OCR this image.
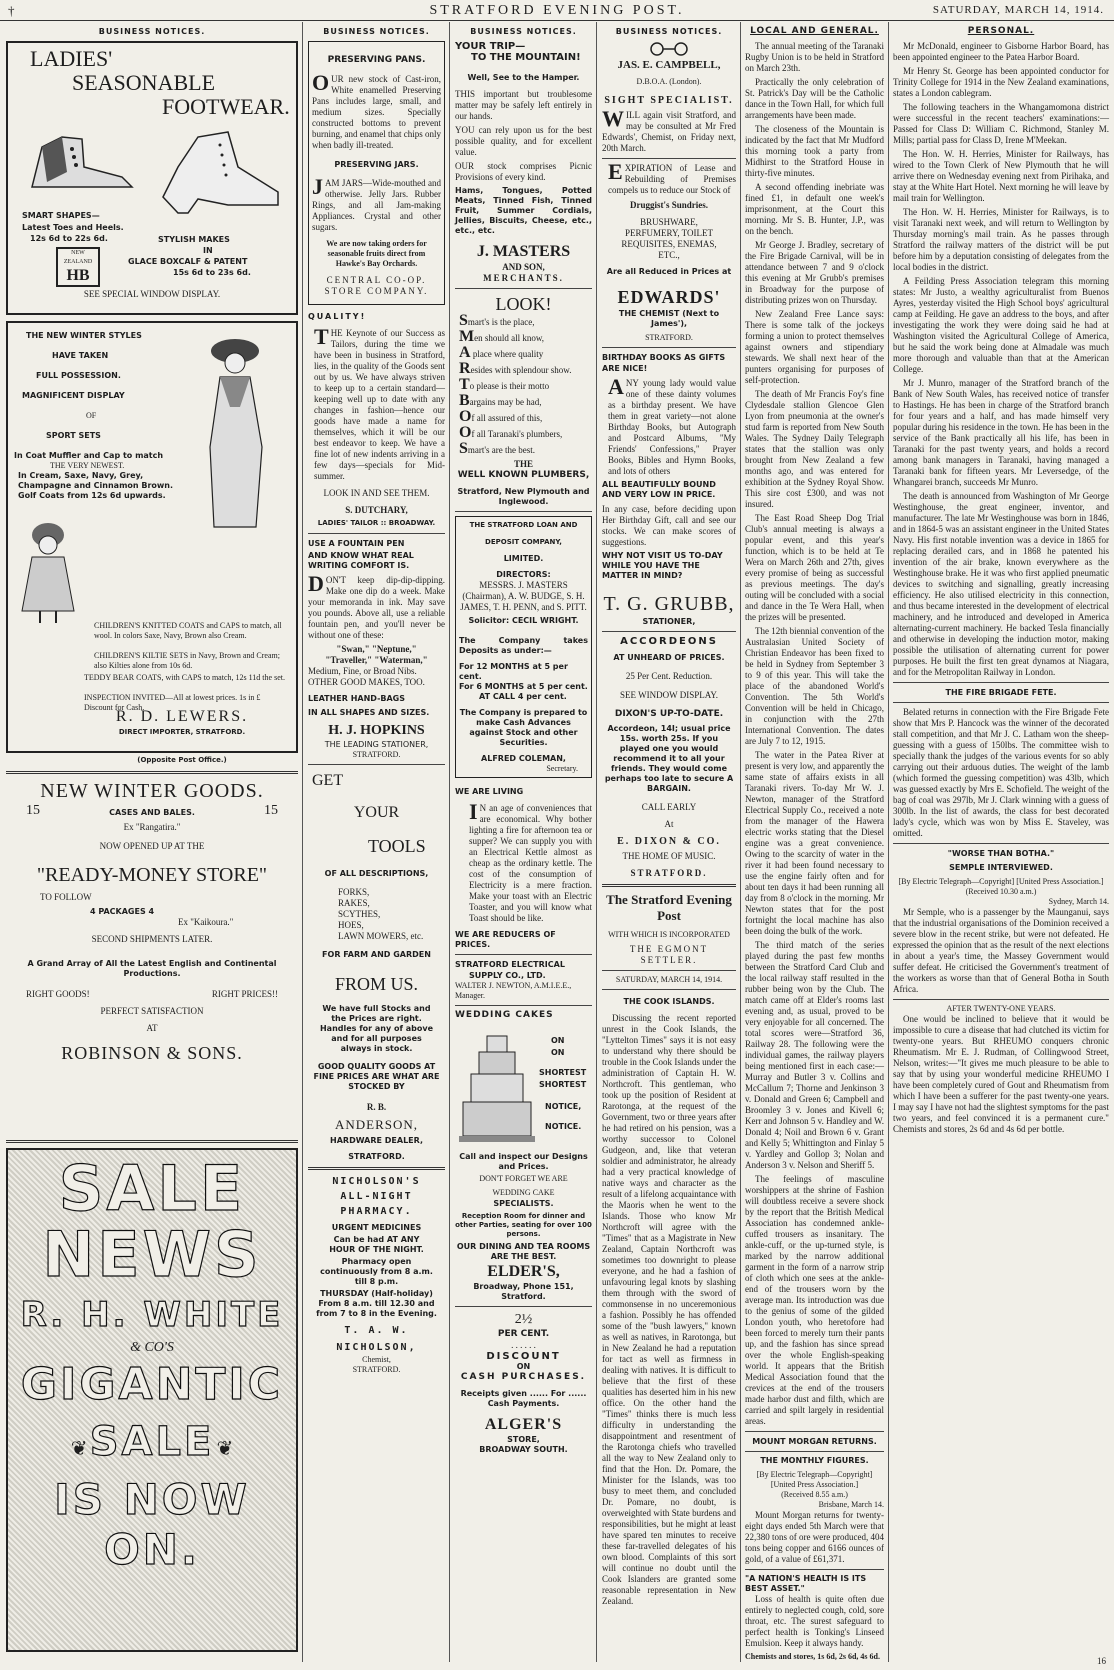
†	STRATFORD EVENING POST.	SATURDAY, MARCH 14, 1914.
BUSINESS NOTICES.
LADIES'
SEASONABLE
FOOTWEAR.
SMART SHAPES—
Latest Toes and Heels.
12s 6d to 22s 6d.
NEW ZEALAND
HB
STYLISH MAKES
IN
GLACE BOXCALF & PATENT
15s 6d to 23s 6d.
SEE SPECIAL WINDOW DISPLAY.
THE NEW WINTER STYLES
HAVE TAKEN
FULL POSSESSION.
MAGNIFICENT DISPLAY
OF
SPORT SETS
In Coat Muffler and Cap to match
THE VERY NEWEST.
In Cream, Saxe, Navy, Grey,
Champagne and Cinnamon Brown.
Golf Coats from 12s 6d upwards.
CHILDREN'S KNITTED COATS and CAPS to match, all wool. In colors Saxe, Navy, Brown also Cream.
CHILDREN'S KILTIE SETS in Navy, Brown and Cream; also Kilties alone from 10s 6d.
TEDDY BEAR COATS, with CAPS to match, 12s 11d the set.
INSPECTION INVITED—All at lowest prices. 1s in £ Discount for Cash.
R. D. LEWERS.
DIRECT IMPORTER, STRATFORD.
(Opposite Post Office.)
NEW WINTER GOODS.
15	CASES AND BALES.	15
Ex "Rangatira."
NOW OPENED UP AT THE
"READY-MONEY STORE"
TO FOLLOW
4 PACKAGES 4
Ex "Kaikoura."
SECOND SHIPMENTS LATER.
A Grand Array of All the Latest English and Continental Productions.
RIGHT GOODS!	RIGHT PRICES!!
PERFECT SATISFACTION
AT
ROBINSON & SONS.
SALE
NEWS
R. H. WHITE
& CO'S
GIGANTIC
❦ SALE ❦
IS NOW ON.
BUSINESS NOTICES.
PRESERVING PANS.

OUR new stock of Cast-iron, White enamelled Preserving Pans includes large, small, and medium sizes. Specially constructed bottoms to prevent burning, and enamel that chips only when badly ill-treated.

PRESERVING JARS.

JAM JARS—Wide-mouthed and otherwise. Jelly Jars. Rubber Rings, and all Jam-making Appliances. Crystal and other sugars.

We are now taking orders for seasonable fruits direct from Hawke's Bay Orchards.

CENTRAL CO-OP. STORE COMPANY.
QUALITY!

THE Keynote of our Success as Tailors, during the time we have been in business in Stratford, lies, in the quality of the Goods sent out by us. We have always striven to keep up to a certain standard—keeping well up to date with any changes in fashion—hence our goods have made a name for themselves, which it will be our best endeavor to keep. We have a fine lot of new indents arriving in a few days—specials for Mid-summer.

LOOK IN AND SEE THEM.
S. DUTCHARY,
LADIES' TAILOR :: BROADWAY.
USE A FOUNTAIN PEN
AND KNOW WHAT REAL WRITING COMFORT IS.

DON'T keep dip-dip-dipping. Make one dip do a week. Make your memoranda in ink. May save you pounds. Above all, use a reliable fountain pen, and you'll never be without one of these:

"Swan," "Neptune,"
"Traveller," "Waterman,"
Medium, Fine, or Broad Nibs.
OTHER GOOD MAKES, TOO.
LEATHER HAND-BAGS
IN ALL SHAPES AND SIZES.
H. J. HOPKINS
THE LEADING STATIONER,
STRATFORD.
GET
YOUR
TOOLS
OF ALL DESCRIPTIONS,
FORKS,
RAKES,
SCYTHES,
HOES,
LAWN MOWERS, etc.
FOR FARM AND GARDEN
FROM US.

We have full Stocks and the Prices are right. Handles for any of above and for all purposes always in stock.

GOOD QUALITY GOODS AT FINE PRICES ARE WHAT ARE STOCKED BY

R. B.
ANDERSON,
HARDWARE DEALER,
STRATFORD.
NICHOLSON'S
ALL-NIGHT
PHARMACY.
URGENT MEDICINES
Can be had AT ANY HOUR OF THE NIGHT.
Pharmacy open continuously from 8 a.m. till 8 p.m.
THURSDAY (Half-holiday) From 8 a.m. till 12.30 and from 7 to 8 in the Evening.
T. A. W.
NICHOLSON,
Chemist,
STRATFORD.
BUSINESS NOTICES.
YOUR TRIP—
TO THE MOUNTAIN!
Well, See to the Hamper.

THIS important but troublesome matter may be safely left entirely in our hands.

YOU can rely upon us for the best possible quality, and for excellent value.

OUR stock comprises Picnic Provisions of every kind.

Hams, Tongues, Potted Meats, Tinned Fish, Tinned Fruit, Summer Cordials, Jellies, Biscuits, Cheese, etc., etc., etc.

J. MASTERS
AND SON,
MERCHANTS.
LOOK!
Smart's is the place,
Men should all know,
A place where quality
Resides with splendour show.
To please is their motto
Bargains may be had,
Of all assured of this,
Of all Taranaki's plumbers,
Smart's are the best.
THE
WELL KNOWN PLUMBERS,
Stratford, New Plymouth and Inglewood.
THE STRATFORD LOAN AND
DEPOSIT COMPANY,
LIMITED.
DIRECTORS:

MESSRS. J. MASTERS (Chairman), A. W. BUDGE, S. H. JAMES, T. H. PENN, and S. PITT.

Solicitor: CECIL WRIGHT.

The Company takes Deposits as under:—

For 12 MONTHS at 5 per cent.
For 6 MONTHS at 5 per cent.
AT CALL 4 per cent.

The Company is prepared to make Cash Advances against Stock and other Securities.

ALFRED COLEMAN,
Secretary.
WE ARE LIVING

IN an age of conveniences that are economical. Why bother lighting a fire for afternoon tea or supper? We can supply you with an Electrical Kettle almost as cheap as the ordinary kettle. The cost of the consumption of Electricity is a mere fraction. Make your toast with an Electric Toaster, and you will know what Toast should be like.

WE ARE REDUCERS OF PRICES.
STRATFORD ELECTRICAL
SUPPLY CO., LTD.
WALTER J. NEWTON, A.M.I.E.E., Manager.
WEDDING CAKES
ON
ON
SHORTEST
SHORTEST
NOTICE,
NOTICE.
Call and inspect our Designs and Prices.
DON'T FORGET WE ARE
WEDDING CAKE
SPECIALISTS.
Reception Room for dinner and other Parties, seating for over 100 persons.
OUR DINING AND TEA ROOMS ARE THE BEST.
ELDER'S,
Broadway, Phone 151, Stratford.
2½
PER CENT.
. . . . . .
DISCOUNT
ON
CASH PURCHASES.
Receipts given ...... For ...... Cash Payments.
ALGER'S
STORE,
BROADWAY SOUTH.
BUSINESS NOTICES.
JAS. E. CAMPBELL,
D.B.O.A. (London).
SIGHT SPECIALIST.

WILL again visit Stratford, and may be consulted at Mr Fred Edwards', Chemist, on Friday next, 20th March.

EXPIRATION of Lease and Rebuilding of Premises compels us to reduce our Stock of

Druggist's Sundries.

BRUSHWARE, PERFUMERY, TOILET REQUISITES, ENEMAS, ETC.,

Are all Reduced in Prices at
EDWARDS'
THE CHEMIST (Next to James'),
STRATFORD.
BIRTHDAY BOOKS AS GIFTS ARE NICE!

ANY young lady would value one of these dainty volumes as a birthday present. We have them in great variety—not alone Birthday Books, but Autograph and Postcard Albums, "My Friends' Confessions," Prayer Books, Bibles and Hymn Books, and lots of others

ALL BEAUTIFULLY BOUND AND VERY LOW IN PRICE.

In any case, before deciding upon Her Birthday Gift, call and see our stocks. We can make scores of suggestions.

WHY NOT VISIT US TO-DAY WHILE YOU HAVE THE MATTER IN MIND?
T. G. GRUBB,
STATIONER,
ACCORDEONS
AT UNHEARD OF PRICES.
25 Per Cent. Reduction.
SEE WINDOW DISPLAY.
DIXON'S UP-TO-DATE.

Accordeon, 14I; usual price 15s. worth 25s. If you played one you would recommend it to all your friends. They would come perhaps too late to secure A BARGAIN.

CALL EARLY
At
E. DIXON & CO.
THE HOME OF MUSIC.
STRATFORD.
The Stratford Evening Post
WITH WHICH IS INCORPORATED
THE EGMONT SETTLER.
SATURDAY, MARCH 14, 1914.
THE COOK ISLANDS.

Discussing the recent reported unrest in the Cook Islands, the "Lyttelton Times" says it is not easy to understand why there should be trouble in the Cook Islands under the administration of Captain H. W. Northcroft. This gentleman, who took up the position of Resident at Rarotonga, at the request of the Government, two or three years after he had retired on his pension, was a worthy successor to Colonel Gudgeon, and, like that veteran soldier and administrator, he already had a very practical knowledge of native ways and character as the result of a lifelong acquaintance with the Maoris when he went to the Islands. Those who know Mr Northcroft will agree with the "Times" that as a Magistrate in New Zealand, Captain Northcroft was sometimes too downright to please everyone, and he had a fashion of unfavouring legal knots by slashing them through with the sword of commonsense in no unceremonious a fashion. Possibly he has offended some of the "bush lawyers," known as well as natives, in Rarotonga, but in New Zealand he had a reputation for tact as well as firmness in dealing with natives. It is difficult to believe that the first of these qualities has deserted him in his new office. On the other hand the "Times" thinks there is much less difficulty in understanding the disappointment and resentment of the Rarotonga chiefs who travelled all the way to New Zealand only to find that the Hon. Dr. Pomare, the Minister for the Islands, was too busy to meet them, and concluded Dr. Pomare, no doubt, is overweighted with State burdens and responsibilities, but he might at least have spared ten minutes to receive these far-travelled delegates of his own blood. Complaints of this sort will continue no doubt until the Cook Islanders are granted some reasonable representation in New Zealand.

LOCAL AND GENERAL.

The annual meeting of the Taranaki Rugby Union is to be held in Stratford on March 23th.

Practically the only celebration of St. Patrick's Day will be the Catholic dance in the Town Hall, for which full arrangements have been made.

The closeness of the Mountain is indicated by the fact that Mr Mudford this morning took a party from Midhirst to the Stratford House in thirty-five minutes.

A second offending inebriate was fined £1, in default one week's imprisonment, at the Court this morning. Mr S. B. Hunter, J.P., was on the bench.

Mr George J. Bradley, secretary of the Fire Brigade Carnival, will be in attendance between 7 and 9 o'clock this evening at Mr Grubb's premises in Broadway for the purpose of distributing prizes won on Thursday.

New Zealand Free Lance says: There is some talk of the jockeys forming a union to protect themselves against owners and stipendiary stewards. We shall next hear of the punters organising for purposes of self-protection.

The death of Mr Francis Foy's fine Clydesdale stallion Glencoe Glen Lyon from pneumonia at the owner's stud farm is reported from New South Wales. The Sydney Daily Telegraph states that the stallion was only brought from New Zealand a few months ago, and was entered for exhibition at the Sydney Royal Show. This sire cost £300, and was not insured.

The East Road Sheep Dog Trial Club's annual meeting is always a popular event, and this year's function, which is to be held at Te Wera on March 26th and 27th, gives every promise of being as successful as previous meetings. The day's outing will be concluded with a social and dance in the Te Wera Hall, when the prizes will be presented.

The 12th biennial convention of the Australasian United Society of Christian Endeavor has been fixed to be held in Sydney from September 3 to 9 of this year. This will take the place of the abandoned World's Convention. The 5th World's Convention will be held in Chicago, in conjunction with the 27th International Convention. The dates are July 7 to 12, 1915.

The water in the Patea River at present is very low, and apparently the same state of affairs exists in all Taranaki rivers. To-day Mr W. J. Newton, manager of the Stratford Electrical Supply Co., received a note from the manager of the Hawera electric works stating that the Diesel engine was a great convenience. Owing to the scarcity of water in the river it had been found necessary to use the engine fairly often and for about ten days it had been running all day from 8 o'clock in the morning. Mr Newton states that for the post fortnight the local machine has also been doing the bulk of the work.

The third match of the series played during the past few months between the Stratford Card Club and the local railway staff resulted in the rubber being won by the Club. The match came off at Elder's rooms last evening and, as usual, proved to be very enjoyable for all concerned. The total scores were—Stratford 36, Railway 28. The following were the individual games, the railway players being mentioned first in each case:—Murray and Butler 3 v. Collins and McCallum 7; Thorne and Jenkinson 3 v. Donald and Green 6; Campbell and Broomley 3 v. Jones and Kivell 6; Kerr and Johnson 5 v. Handley and W. Donald 4; Noil and Brown 6 v. Grant and Kelly 5; Whittington and Finlay 5 v. Yardley and Gollop 3; Nolan and Anderson 3 v. Nelson and Sheriff 5.

The feelings of masculine worshippers at the shrine of Fashion will doubtless receive a severe shock by the report that the British Medical Association has condemned ankle-cuffed trousers as insanitary. The ankle-cuff, or the up-turned style, is marked by the narrow additional garment in the form of a narrow strip of cloth which one sees at the ankle-end of the trousers worn by the average man. Its introduction was due to the genius of some of the gilded London youth, who heretofore had been forced to merely turn their pants up, and the fashion has since spread over the whole English-speaking world. It appears that the British Medical Association found that the crevices at the end of the trousers made harbor dust and filth, which are carried and spilt largely in residential areas.

MOUNT MORGAN RETURNS.
THE MONTHLY FIGURES.
[By Electric Telegraph—Copyright] [United Press Association.]
(Received 8.55 a.m.)
Brisbane, March 14.

Mount Morgan returns for twenty-eight days ended 5th March were that 22,380 tons of ore were produced, 404 tons being copper and 6166 ounces of gold, of a value of £61,371.

"A NATION'S HEALTH IS ITS BEST ASSET."

Loss of health is quite often due entirely to neglected cough, cold, sore throat, etc. The surest safeguard to perfect health is Tonking's Linseed Emulsion. Keep it always handy.

Chemists and stores, 1s 6d, 2s 6d, 4s 6d.
PERSONAL.

Mr McDonald, engineer to Gisborne Harbor Board, has been appointed engineer to the Patea Harbor Board.

Mr Henry St. George has been appointed conductor for Trinity College for 1914 in the New Zealand examinations, states a London cablegram.

The following teachers in the Whangamomona district were successful in the recent teachers' examinations:—Passed for Class D: William C. Richmond, Stanley M. Mills; partial pass for Class D, Irene M'Meekan.

The Hon. W. H. Herries, Minister for Railways, has wired to the Town Clerk of New Plymouth that he will arrive there on Wednesday evening next from Pirihaka, and stay at the White Hart Hotel. Next morning he will leave by mail train for Wellington.

The Hon. W. H. Herries, Minister for Railways, is to visit Taranaki next week, and will return to Wellington by Thursday morning's mail train. As he passes through Stratford the railway matters of the district will be put before him by a deputation consisting of delegates from the local bodies in the district.

A Feilding Press Association telegram this morning states: Mr Justo, a wealthy agriculturalist from Buenos Ayres, yesterday visited the High School boys' agricultural camp at Feilding. He gave an address to the boys, and after investigating the work they were doing said he had at Washington visited the Agricultural College of America, but he said the work being done at Almadale was much more thorough and valuable than that at the American College.

Mr J. Munro, manager of the Stratford branch of the Bank of New South Wales, has received notice of transfer to Hastings. He has been in charge of the Stratford branch for four years and a half, and has made himself very popular during his residence in the town. He has been in the service of the Bank practically all his life, has been in Taranaki for the past twenty years, and holds a record among bank managers in Taranaki, having managed a Taranaki bank for fifteen years. Mr Leversedge, of the Whangarei branch, succeeds Mr Munro.

The death is announced from Washington of Mr George Westinghouse, the great engineer, inventor, and manufacturer. The late Mr Westinghouse was born in 1846, and in 1864-5 was an assistant engineer in the United States Navy. His first notable invention was a device in 1865 for replacing derailed cars, and in 1868 he patented his invention of the air brake, known everywhere as the Westinghouse brake. He it was who first applied pneumatic devices to switching and signalling, greatly increasing efficiency. He also utilised electricity in this connection, and thus became interested in the development of electrical machinery, and he introduced and developed in America alternating-current machinery. He backed Tesla financially and otherwise in developing the induction motor, making possible the utilisation of alternating current for power purposes. He built the first ten great dynamos at Niagara, and for the Metropolitan Railway in London.

THE FIRE BRIGADE FETE.

Belated returns in connection with the Fire Brigade Fete show that Mrs P. Hancock was the winner of the decorated stall competition, and that Mr J. C. Latham won the sheep-guessing with a guess of 150lbs. The committee wish to specially thank the judges of the various events for so ably carrying out their arduous duties. The weight of the lamb (which formed the guessing competition) was 43lb, which was guessed exactly by Mrs E. Schofield. The weight of the bag of coal was 297lb, Mr J. Clark winning with a guess of 300lb. In the list of awards, the class for best decorated lady's cycle, which was won by Miss E. Staveley, was omitted.

"WORSE THAN BOTHA."
SEMPLE INTERVIEWED.
[By Electric Telegraph—Copyright] [United Press Association.]
(Received 10.30 a.m.)
Sydney, March 14.

Mr Semple, who is a passenger by the Maunganui, says that the industrial organisations of the Dominion received a severe blow in the recent strike, but were not defeated. He expressed the opinion that as the result of the next elections in about a year's time, the Massey Government would suffer defeat. He criticised the Government's treatment of the workers as worse than that of General Botha in South Africa.

AFTER TWENTY-ONE YEARS.

One would be inclined to believe that it would be impossible to cure a disease that had clutched its victim for twenty-one years. But RHEUMO conquers chronic Rheumatism. Mr E. J. Rudman, of Collingwood Street, Nelson, writes:—"It gives me much pleasure to be able to say that by using your wonderful medicine RHEUMO I have been completely cured of Gout and Rheumatism from which I have been a sufferer for the past twenty-one years. I may say I have not had the slightest symptoms for the past two years, and feel convinced it is a permanent cure." Chemists and stores, 2s 6d and 4s 6d per bottle.

16
